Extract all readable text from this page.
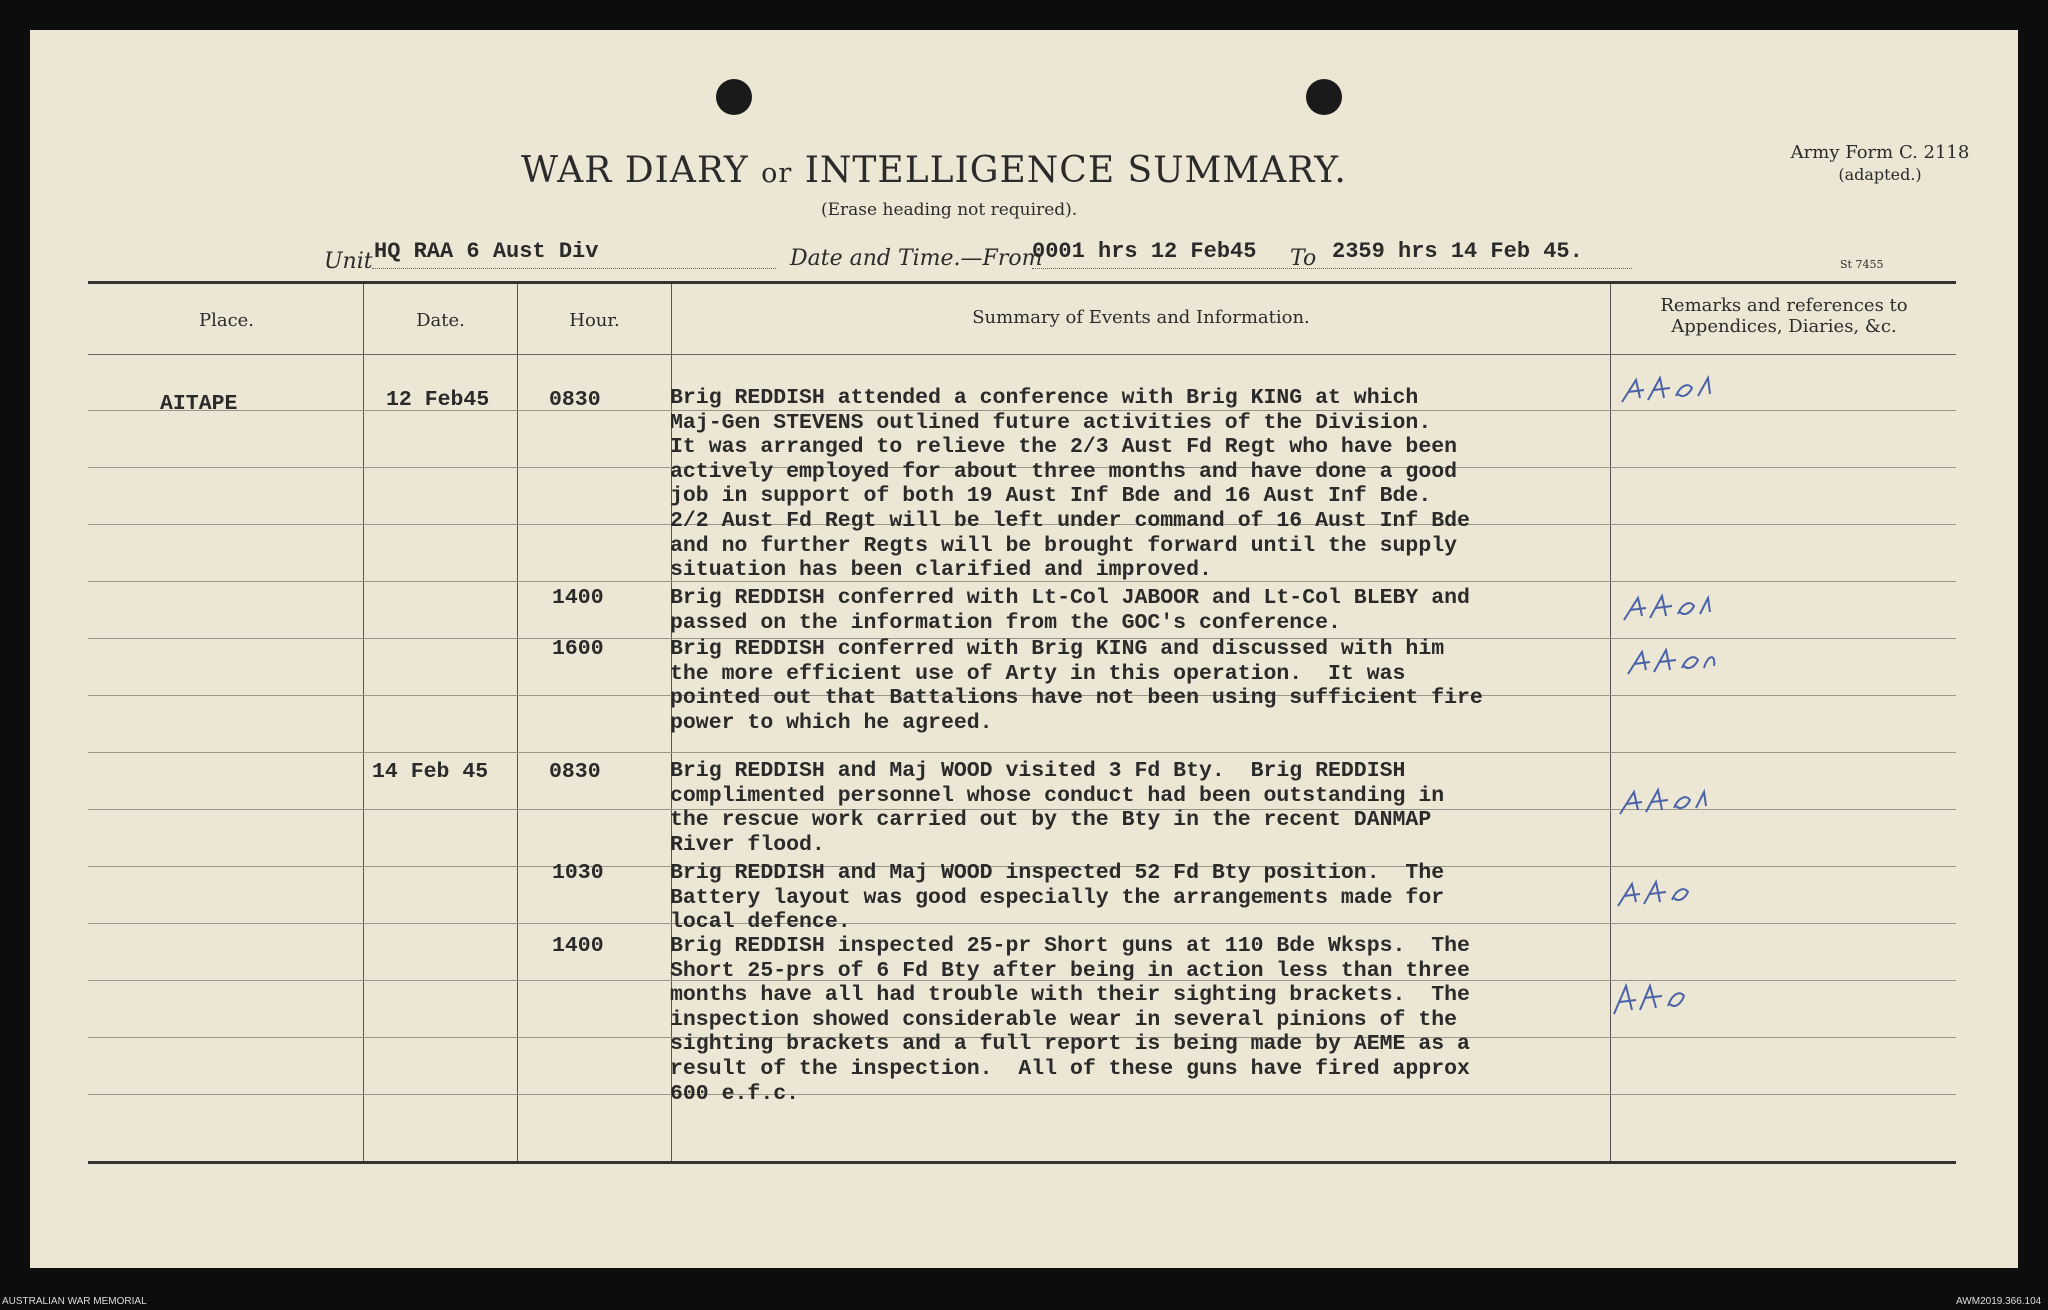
WAR DIARY or INTELLIGENCE SUMMARY.
(Erase heading not required).
Army Form C. 2118
(adapted.)
St 7455
Unit HQ RAA 6 Aust Div	Date and Time.—From
0001 hrs 12 Feb45 To 2359 hrs 14 Feb 45.
Place.	Date.	Hour.	Summary of Events and Information.
Remarks and references to
Appendices, Diaries, &c.
AITAPE	12 Feb45	0830	Brig REDDISH attended a conference with Brig KING at which
Maj-Gen STEVENS outlined future activities of the Division.
It was arranged to relieve the 2/3 Aust Fd Regt who have been
actively employed for about three months and have done a good
job in support of both 19 Aust Inf Bde and 16 Aust Inf Bde.
2/2 Aust Fd Regt will be left under command of 16 Aust Inf Bde
and no further Regts will be brought forward until the supply
situation has been clarified and improved.
1400	Brig REDDISH conferred with Lt-Col JABOOR and Lt-Col BLEBY and
passed on the information from the GOC's conference.
1600	Brig REDDISH conferred with Brig KING and discussed with him
the more efficient use of Arty in this operation.  It was
pointed out that Battalions have not been using sufficient fire
power to which he agreed.
14 Feb 45	0830	Brig REDDISH and Maj WOOD visited 3 Fd Bty.  Brig REDDISH
complimented personnel whose conduct had been outstanding in
the rescue work carried out by the Bty in the recent DANMAP
River flood.
1030	Brig REDDISH and Maj WOOD inspected 52 Fd Bty position.  The
Battery layout was good especially the arrangements made for
local defence.
1400	Brig REDDISH inspected 25-pr Short guns at 110 Bde Wksps.  The
Short 25-prs of 6 Fd Bty after being in action less than three
months have all had trouble with their sighting brackets.  The
inspection showed considerable wear in several pinions of the
sighting brackets and a full report is being made by AEME as a
result of the inspection.  All of these guns have fired approx
600 e.f.c.
AUSTRALIAN WAR MEMORIAL	AWM2019.366.104
